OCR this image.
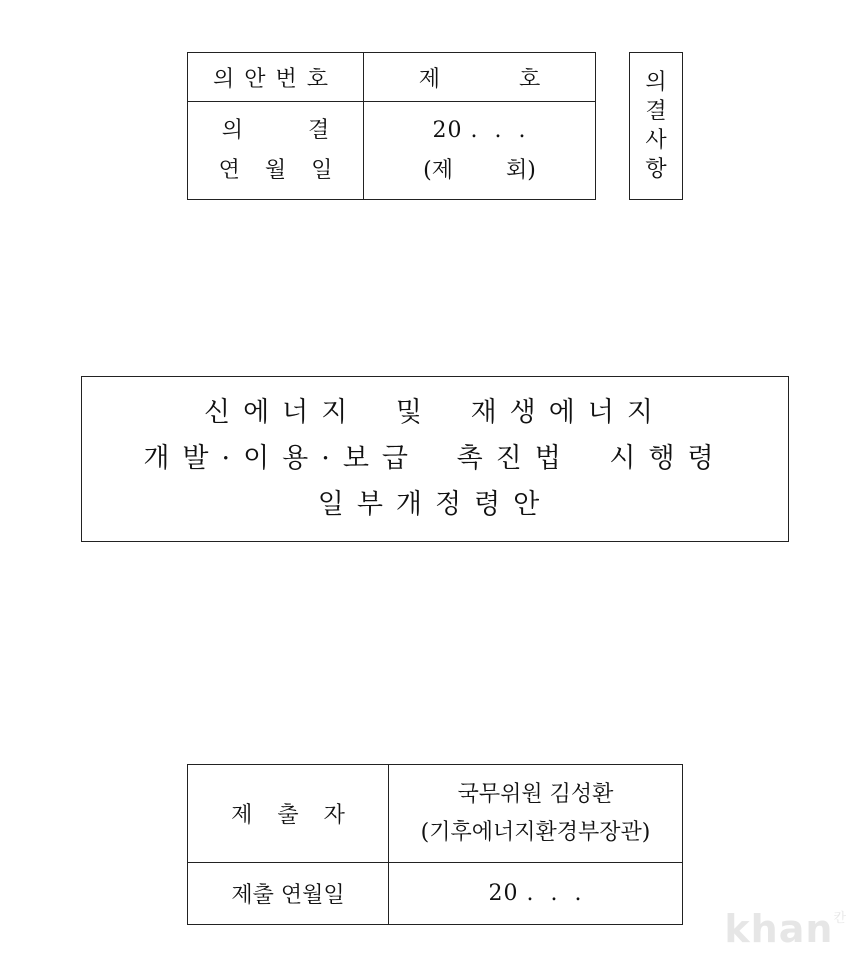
의안번호	제 호
의 결
연 월 일
20 .  .  .
(제 회)
의결사항
신에너지 및 재생에너지
개발·이용·보급 촉진법 시행령
일부개정령안
제 출 자
국무위원 김성환
(기후에너지환경부장관)
제출 연월일	20 .  .  .
khan$^칸$
